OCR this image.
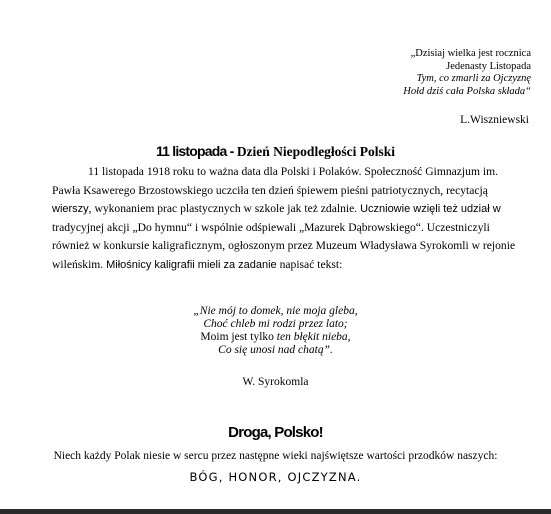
„Dzisiaj wielka jest rocznica
Jedenasty Listopada
Tym, co zmarli za Ojczyznę
Hołd dziś cała Polska składa“
L.Wiszniewski
11 listopada - Dzień Niepodległości Polski
11 listopada 1918 roku to ważna data dla Polski i Polaków. Społeczność Gimnazjum im. Pawła Ksawerego Brzostowskiego uczciła ten dzień śpiewem pieśni patriotycznych, recytacją wierszy, wykonaniem prac plastycznych w szkole jak też zdalnie. Uczniowie wzięli też udział w tradycyjnej akcji „Do hymnu“ i wspólnie odśpiewali „Mazurek Dąbrowskiego“. Uczestniczyli również w konkursie kaligraficznym, ogłoszonym przez Muzeum Władysława Syrokomli w rejonie wileńskim. Miłośnicy kaligrafii mieli za zadanie napisać tekst:
„Nie mój to domek, nie moja gleba,
Choć chleb mi rodzi przez lato;
Moim jest tylko ten błękit nieba,
Co się unosi nad chatą”.
W. Syrokomla
Droga, Polsko!
Niech każdy Polak niesie w sercu przez następne wieki najświętsze wartości przodków naszych:
BÓG, HONOR, OJCZYZNA.
